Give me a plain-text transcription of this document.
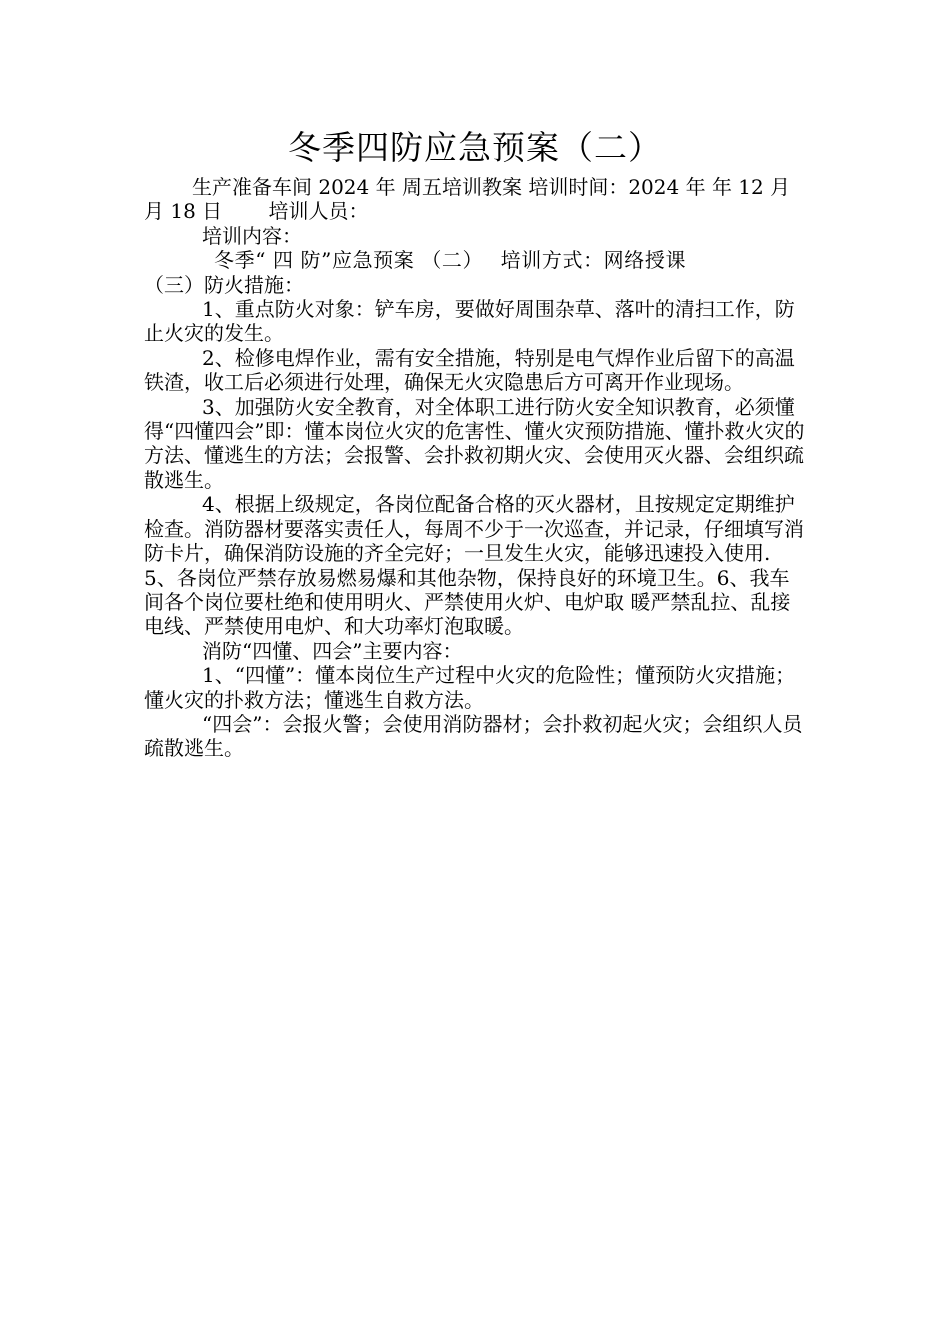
冬季四防应急预案（二）

生产准备车间 2024 年 周五培训教案 培训时间：2024 年 年 12 月 月 18 日　　 培训人员：

培训内容：

冬季“ 四 防”应急预案 （二）　 培训方式：网络授课

（三）防火措施：

1、重点防火对象：铲车房，要做好周围杂草、落叶的清扫工作，防止火灾的发生。

2、检修电焊作业，需有安全措施，特别是电气焊作业后留下的高温铁渣，收工后必须进行处理，确保无火灾隐患后方可离开作业现场。

3、加强防火安全教育，对全体职工进行防火安全知识教育，必须懂得“四懂四会”即：懂本岗位火灾的危害性、懂火灾预防措施、懂扑救火灾的方法、懂逃生的方法；会报警、会扑救初期火灾、会使用灭火器、会组织疏散逃生。

4、根据上级规定，各岗位配备合格的灭火器材，且按规定定期维护检查。消防器材要落实责任人，每周不少于一次巡查，并记录，仔细填写消防卡片，确保消防设施的齐全完好；一旦发生火灾，能够迅速投入使用. 5、各岗位严禁存放易燃易爆和其他杂物，保持良好的环境卫生。6、我车间各个岗位要杜绝和使用明火、严禁使用火炉、电炉取 暖严禁乱拉、乱接电线、严禁使用电炉、和大功率灯泡取暖。

消防“四懂、四会”主要内容：

1、“四懂”：懂本岗位生产过程中火灾的危险性；懂预防火灾措施；懂火灾的扑救方法；懂逃生自救方法。

“四会”：会报火警；会使用消防器材；会扑救初起火灾；会组织人员疏散逃生。
